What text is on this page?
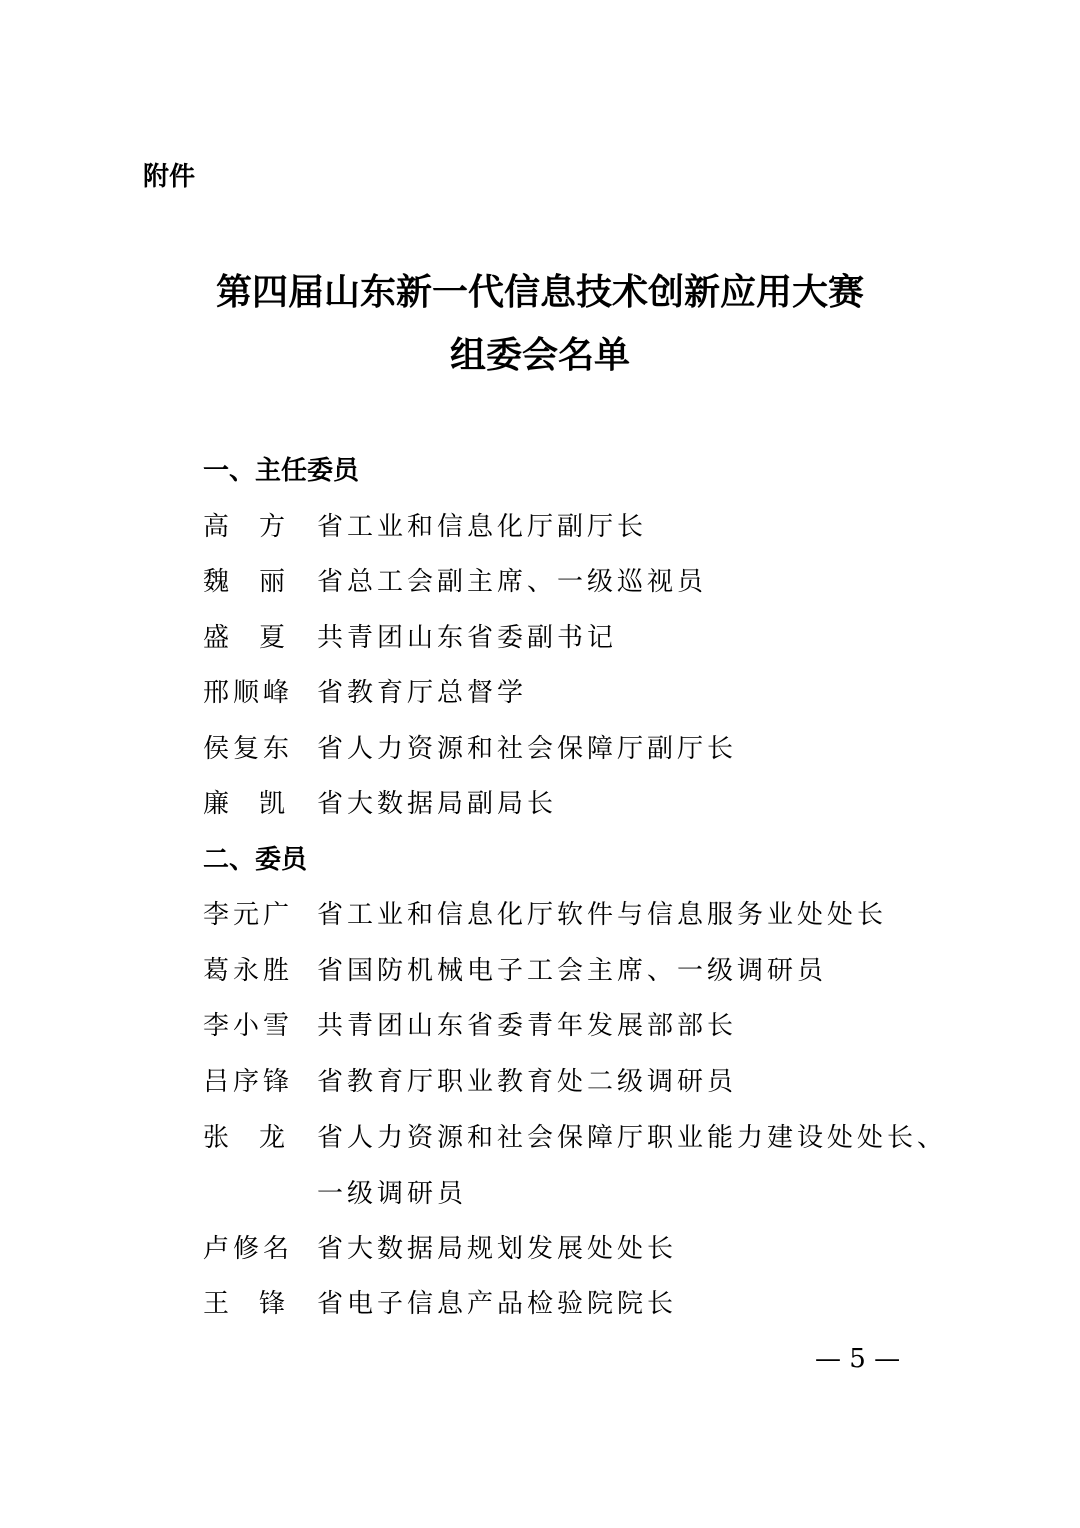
附件
第四届山东新一代信息技术创新应用大赛
组委会名单
一、主任委员
高方 省工业和信息化厅副厅长
魏丽 省总工会副主席、一级巡视员
盛夏 共青团山东省委副书记
邢顺峰 省教育厅总督学
侯复东 省人力资源和社会保障厅副厅长
廉凯 省大数据局副局长
二、委员
李元广 省工业和信息化厅软件与信息服务业处处长
葛永胜 省国防机械电子工会主席、一级调研员
李小雪 共青团山东省委青年发展部部长
吕序锋 省教育厅职业教育处二级调研员
张龙 省人力资源和社会保障厅职业能力建设处处长、
一级调研员
卢修名 省大数据局规划发展处处长
王锋 省电子信息产品检验院院长
— 5 —
